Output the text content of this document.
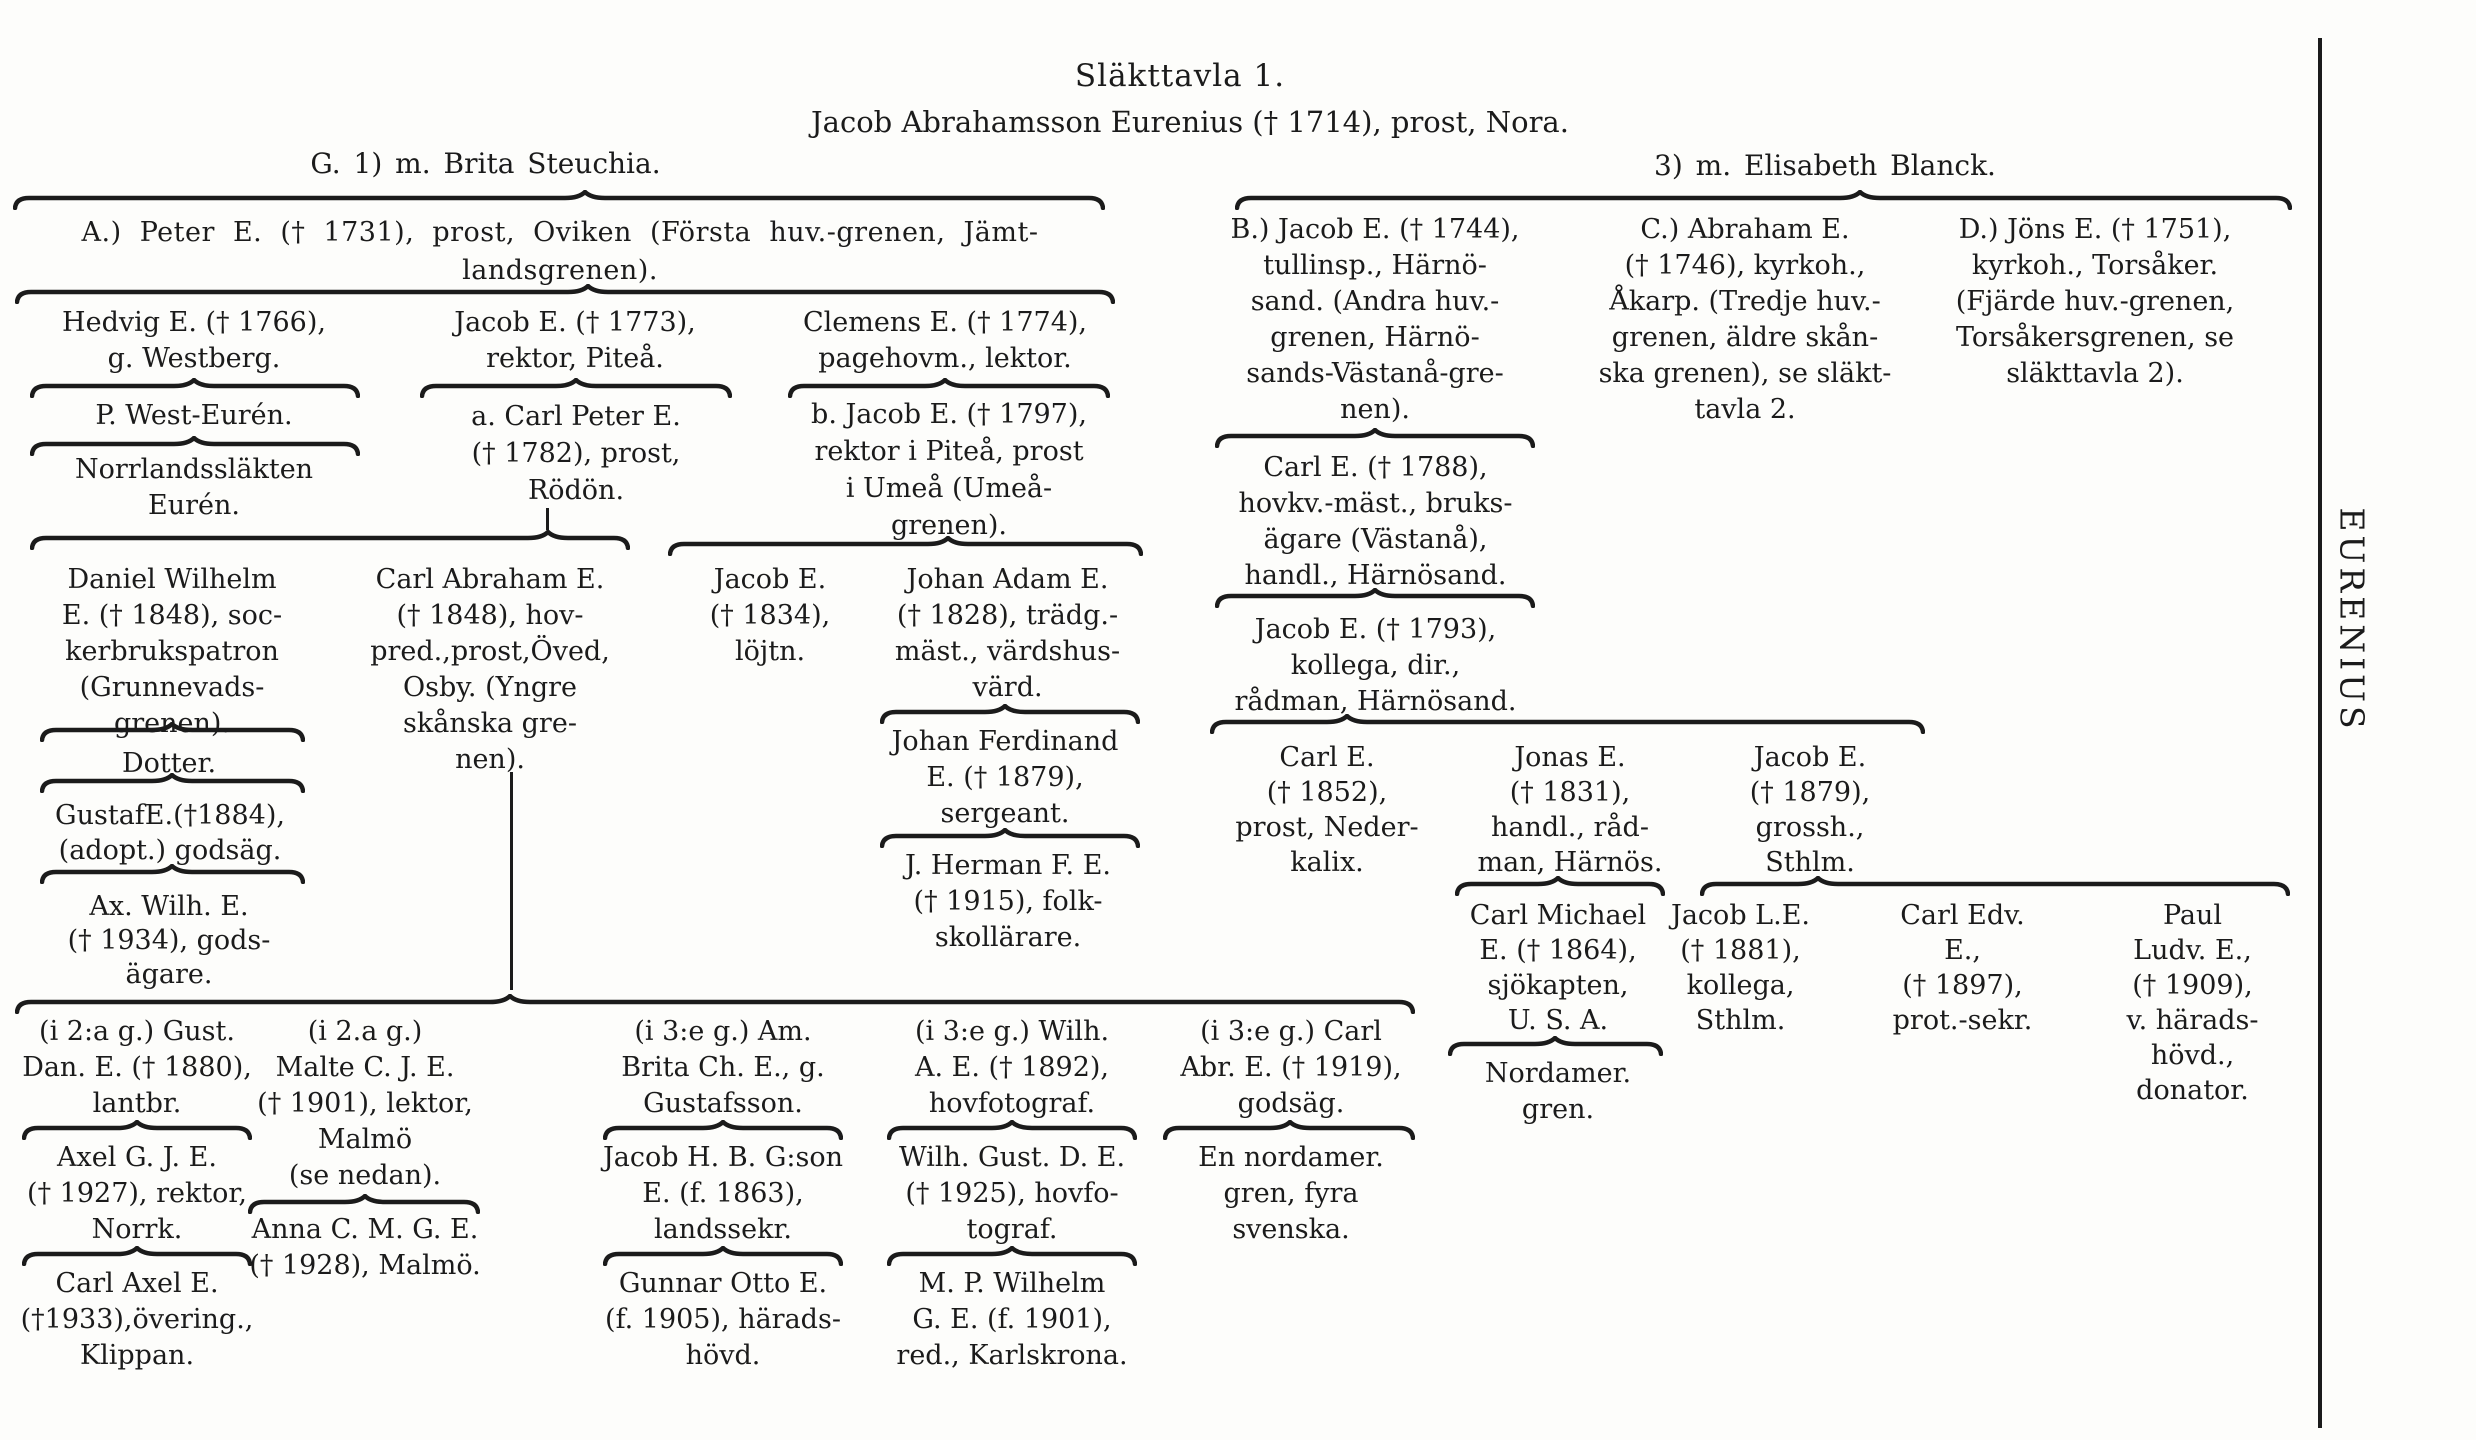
Släkttavla 1.
Jacob Abrahamsson Eurenius († 1714), prost, Nora.
G. 1) m. Brita Steuchia.	3) m. Elisabeth Blanck.
EURENIUS
A.) Peter E. († 1731), prost, Oviken (Första huv.-grenen, Jämt-
landsgrenen).
B.) Jacob E. († 1744),
tullinsp., Härnö-
sand. (Andra huv.-
grenen, Härnö-
sands-Västanå-gre-
nen).
C.) Abraham E.
(† 1746), kyrkoh.,
Åkarp. (Tredje huv.-
grenen, äldre skån-
ska grenen), se släkt-
tavla 2.
D.) Jöns E. († 1751),
kyrkoh., Torsåker.
(Fjärde huv.-grenen,
Torsåkersgrenen, se
släkttavla 2).
Hedvig E. († 1766),
g. Westberg.
Jacob E. († 1773),
rektor, Piteå.
Clemens E. († 1774),
pagehovm., lektor.
P. West-Eurén.
Norrlandssläkten
Eurén.
a. Carl Peter E.
(† 1782), prost,
Rödön.
b. Jacob E. († 1797),
rektor i Piteå, prost
i Umeå (Umeå-
grenen).
Daniel Wilhelm
E. († 1848), soc-
kerbrukspatron
(Grunnevads-
grenen).
Carl Abraham E.
(† 1848), hov-
pred.,prost,Öved,
Osby. (Yngre
skånska gre-
nen).
Jacob E.
(† 1834),
löjtn.
Johan Adam E.
(† 1828), trädg.-
mäst., värdshus-
värd.
Dotter.
GustafE.(†1884),
(adopt.) godsäg.
Ax. Wilh. E.
(† 1934), gods-
ägare.
Johan Ferdinand
E. († 1879),
sergeant.
J. Herman F. E.
(† 1915), folk-
skollärare.
Carl E. († 1788),
hovkv.-mäst., bruks-
ägare (Västanå),
handl., Härnösand.
Jacob E. († 1793),
kollega, dir.,
rådman, Härnösand.
Carl E.
(† 1852),
prost, Neder-
kalix.
Jonas E.
(† 1831),
handl., råd-
man, Härnös.
Jacob E.
(† 1879),
grossh.,
Sthlm.
Carl Michael
E. († 1864),
sjökapten,
U. S. A.
Jacob L.E.
(† 1881),
kollega,
Sthlm.
Carl Edv.
E.,
(† 1897),
prot.-sekr.
Paul
Ludv. E.,
(† 1909),
v. härads-
hövd.,
donator.
Nordamer.
gren.
(i 2:a g.) Gust.
Dan. E. († 1880),
lantbr.
(i 2.a g.)
Malte C. J. E.
(† 1901), lektor,
Malmö
(se nedan).
(i 3:e g.) Am.
Brita Ch. E., g.
Gustafsson.
(i 3:e g.) Wilh.
A. E. († 1892),
hovfotograf.
(i 3:e g.) Carl
Abr. E. († 1919),
godsäg.
Axel G. J. E.
(† 1927), rektor,
Norrk.
Jacob H. B. G:son
E. (f. 1863),
landssekr.
Wilh. Gust. D. E.
(† 1925), hovfo-
tograf.
En nordamer.
gren, fyra
svenska.
Anna C. M. G. E.
(† 1928), Malmö.
Carl Axel E.
(†1933),övering.,
Klippan.
Gunnar Otto E.
(f. 1905), härads-
hövd.
M. P. Wilhelm
G. E. (f. 1901),
red., Karlskrona.
